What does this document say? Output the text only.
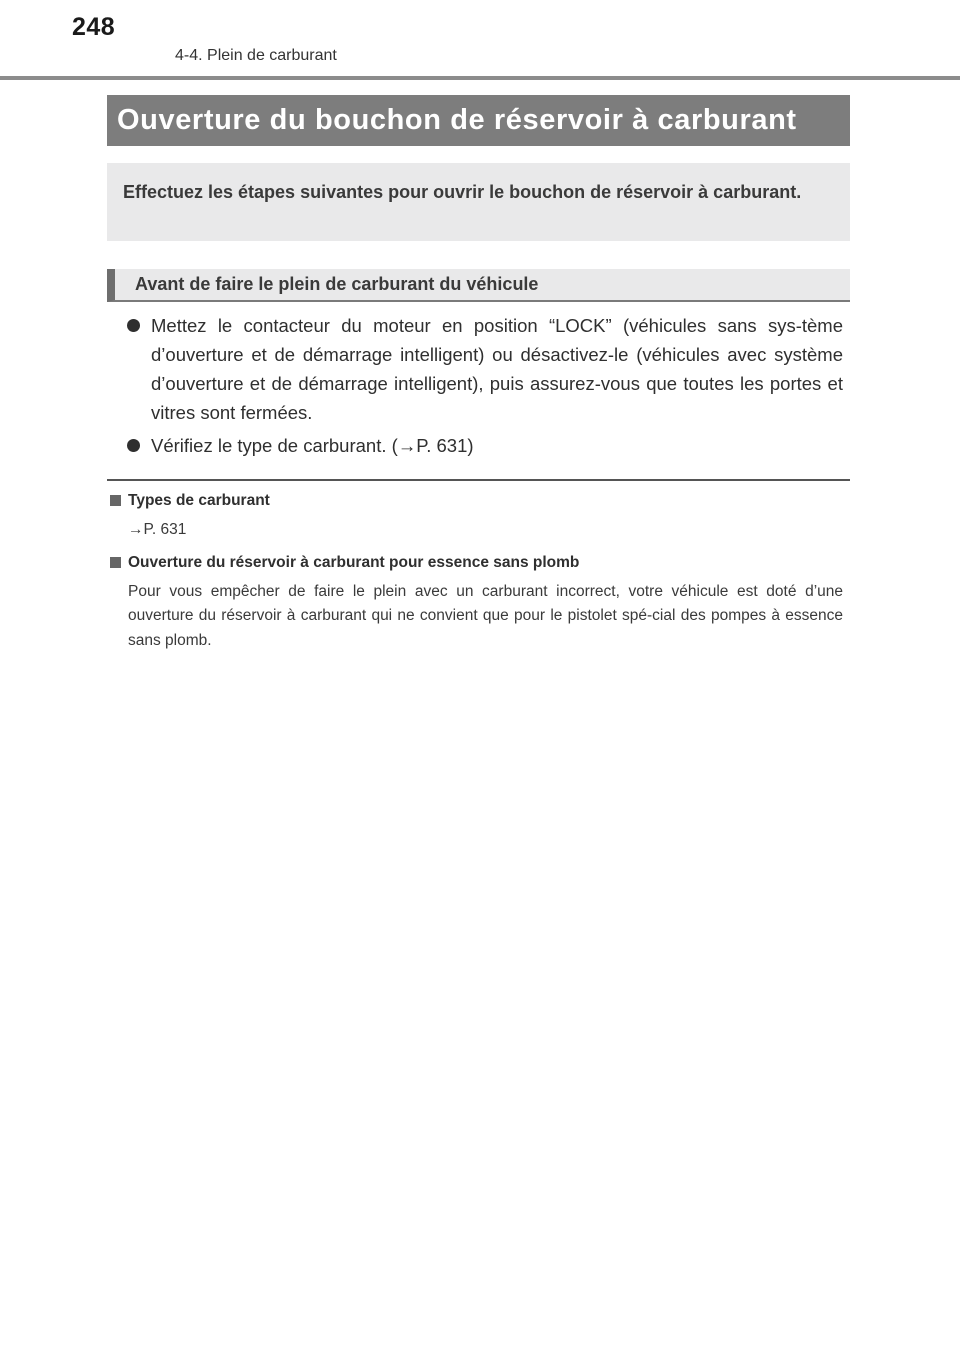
248
4-4. Plein de carburant
Ouverture du bouchon de réservoir à carburant
Effectuez les étapes suivantes pour ouvrir le bouchon de réservoir à carburant.
Avant de faire le plein de carburant du véhicule
Mettez le contacteur du moteur en position “LOCK” (véhicules sans sys-tème d’ouverture et de démarrage intelligent) ou désactivez-le (véhicules avec système d’ouverture et de démarrage intelligent), puis assurez-vous que toutes les portes et vitres sont fermées.
Vérifiez le type de carburant. (→P. 631)
Types de carburant
→P. 631
Ouverture du réservoir à carburant pour essence sans plomb
Pour vous empêcher de faire le plein avec un carburant incorrect, votre véhicule est doté d’une ouverture du réservoir à carburant qui ne convient que pour le pistolet spé-cial des pompes à essence sans plomb.
